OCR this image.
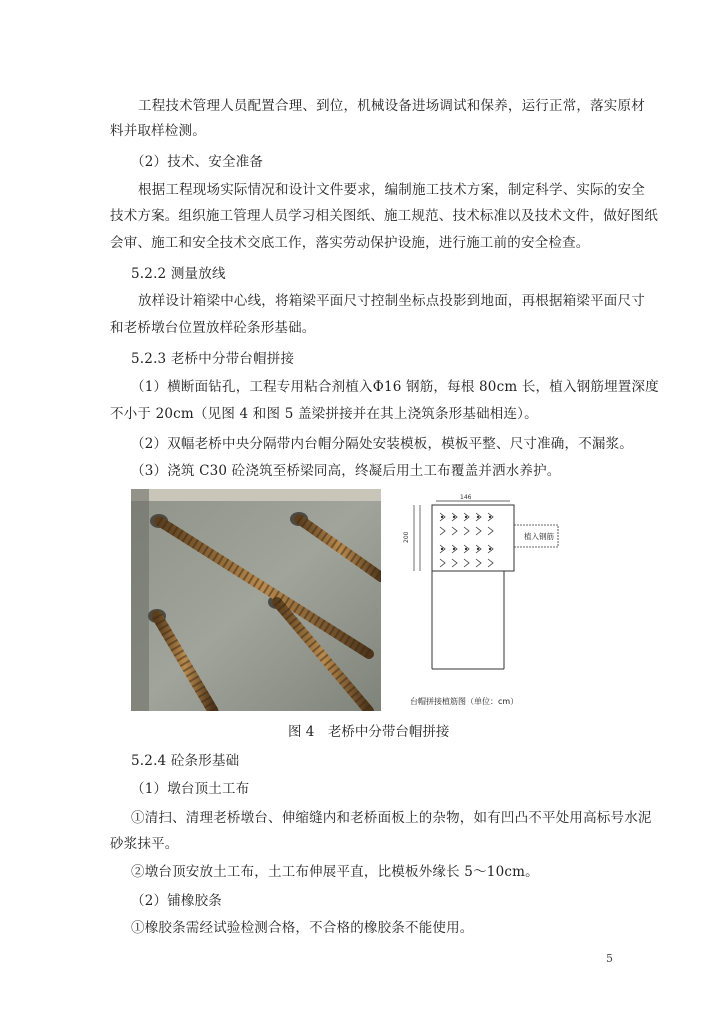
工程技术管理人员配置合理、到位，机械设备进场调试和保养，运行正常，落实原材
料并取样检测。
（2）技术、安全准备
根据工程现场实际情况和设计文件要求，编制施工技术方案，制定科学、实际的安全
技术方案。组织施工管理人员学习相关图纸、施工规范、技术标准以及技术文件，做好图纸
会审、施工和安全技术交底工作，落实劳动保护设施，进行施工前的安全检查。
5.2.2 测量放线
放样设计箱梁中心线，将箱梁平面尺寸控制坐标点投影到地面，再根据箱梁平面尺寸
和老桥墩台位置放样砼条形基础。
5.2.3 老桥中分带台帽拼接
（1）横断面钻孔，工程专用粘合剂植入Φ16 钢筋，每根 80cm 长，植入钢筋埋置深度
不小于 20cm（见图 4 和图 5 盖梁拼接并在其上浇筑条形基础相连）。
（2）双幅老桥中央分隔带内台帽分隔处安装模板，模板平整、尺寸准确，不漏浆。
（3）浇筑 C30 砼浇筑至桥梁同高，终凝后用土工布覆盖并洒水养护。
146
200	植入钢筋
台帽拼接植筋图（单位：cm）
图 4　老桥中分带台帽拼接
5.2.4 砼条形基础
（1）墩台顶土工布
①清扫、清理老桥墩台、伸缩缝内和老桥面板上的杂物，如有凹凸不平处用高标号水泥
砂浆抹平。
②墩台顶安放土工布，土工布伸展平直，比模板外缘长 5～10cm。
（2）铺橡胶条
①橡胶条需经试验检测合格，不合格的橡胶条不能使用。
5
